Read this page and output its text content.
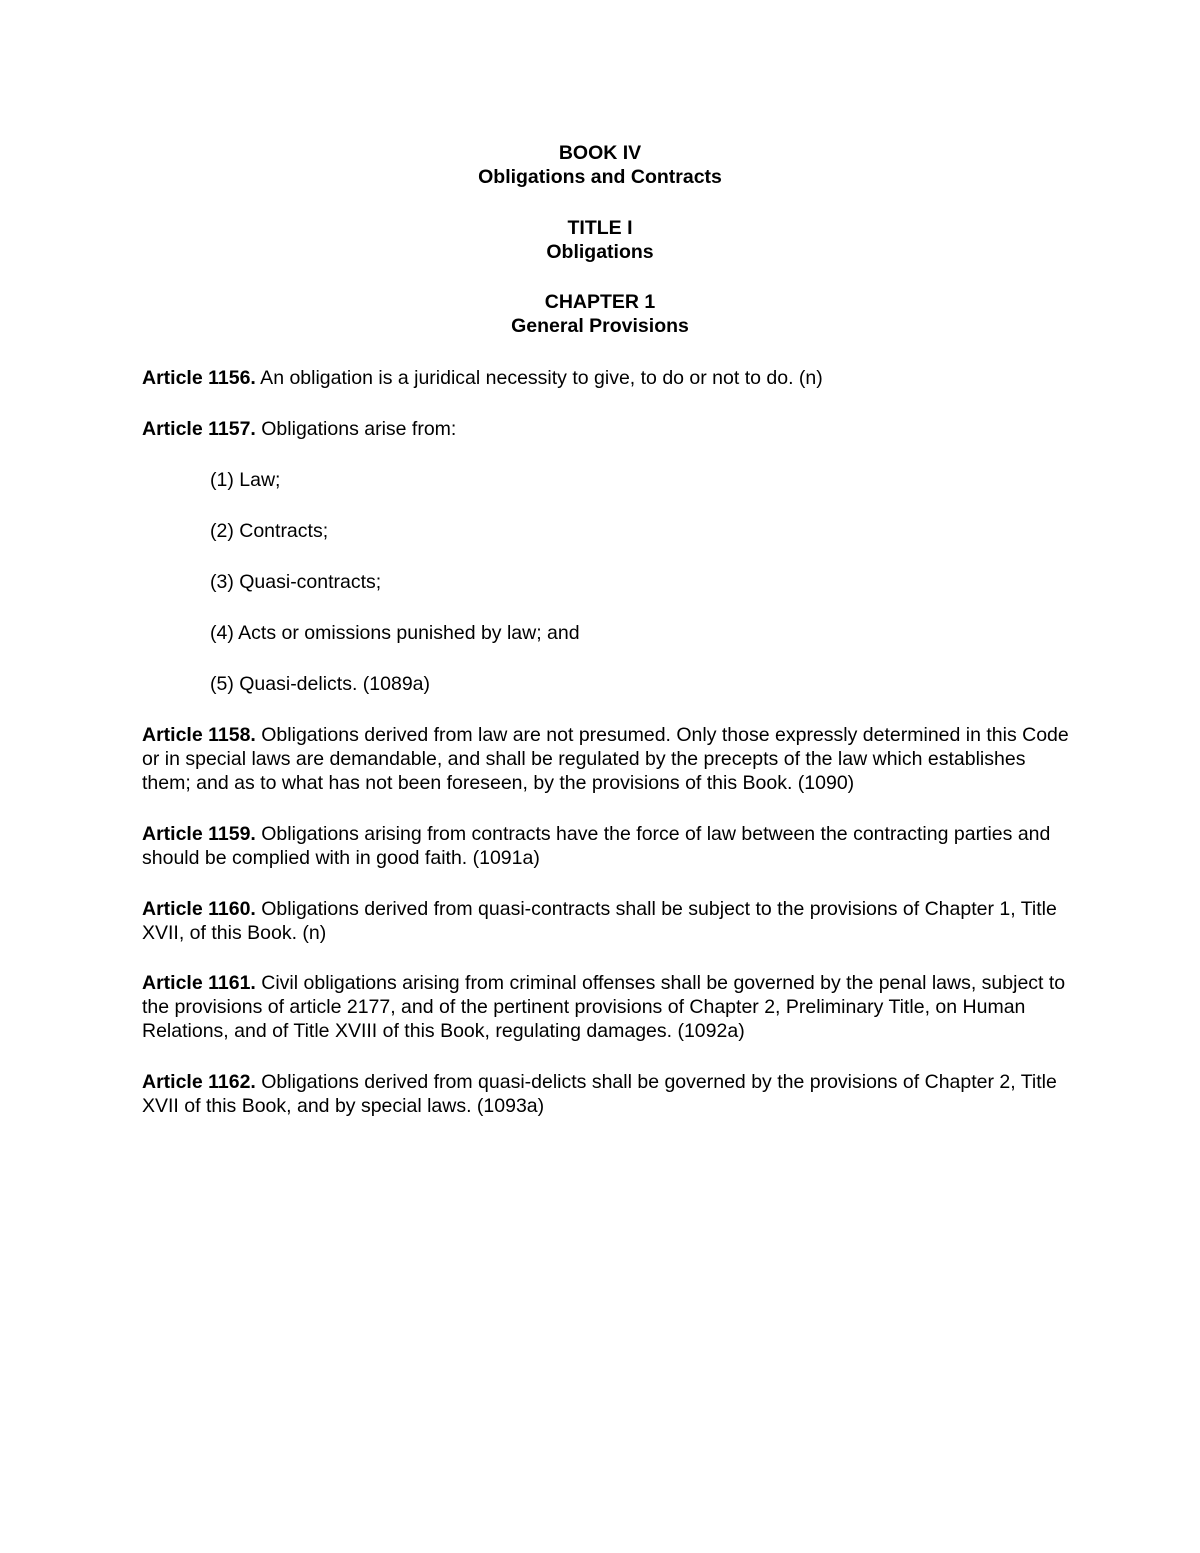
BOOK IV
Obligations and Contracts
TITLE I
Obligations
CHAPTER 1
General Provisions

Article 1156. An obligation is a juridical necessity to give, to do or not to do. (n)

Article 1157. Obligations arise from:

(1) Law;
(2) Contracts;
(3) Quasi-contracts;
(4) Acts or omissions punished by law; and
(5) Quasi-delicts. (1089a)

Article 1158. Obligations derived from law are not presumed. Only those expressly determined in this Code or in special laws are demandable, and shall be regulated by the precepts of the law which establishes them; and as to what has not been foreseen, by the provisions of this Book. (1090)

Article 1159. Obligations arising from contracts have the force of law between the contracting parties and should be complied with in good faith. (1091a)

Article 1160. Obligations derived from quasi-contracts shall be subject to the provisions of Chapter 1, Title XVII, of this Book. (n)

Article 1161. Civil obligations arising from criminal offenses shall be governed by the penal laws, subject to the provisions of article 2177, and of the pertinent provisions of Chapter 2, Preliminary Title, on Human Relations, and of Title XVIII of this Book, regulating damages. (1092a)

Article 1162. Obligations derived from quasi-delicts shall be governed by the provisions of Chapter 2, Title XVII of this Book, and by special laws. (1093a)
